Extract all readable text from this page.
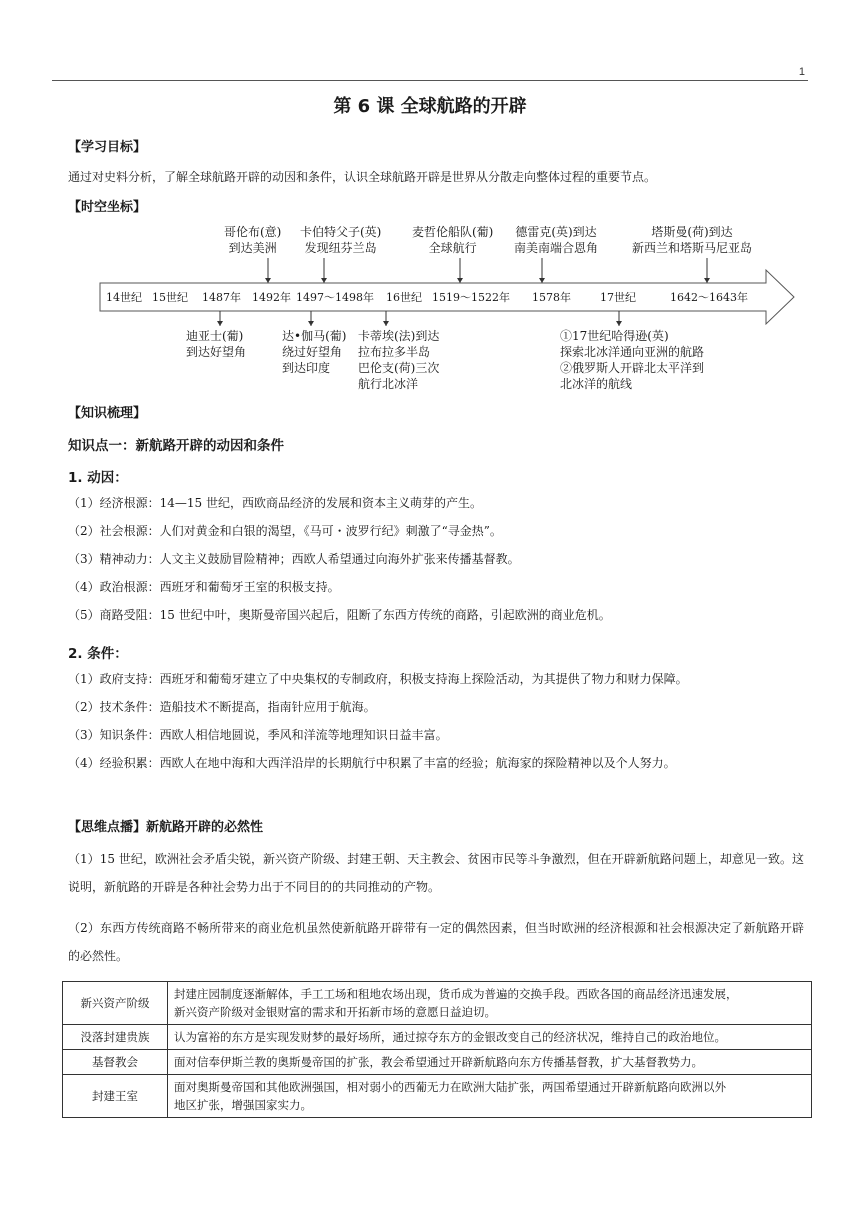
1
第 6 课 全球航路的开辟
【学习目标】
通过对史料分析，了解全球航路开辟的动因和条件，认识全球航路开辟是世界从分散走向整体过程的重要节点。
【时空坐标】
14世纪 15世纪 1487年 1492年 1497～1498年 16世纪 1519～1522年 1578年	17世纪	1642～1643年
哥伦布(意)
到达美洲
卡伯特父子(英)
发现纽芬兰岛
麦哲伦船队(葡)
全球航行
德雷克(英)到达
南美南端合恩角
塔斯曼(荷)到达
新西兰和塔斯马尼亚岛
迪亚士(葡)
到达好望角
达•伽马(葡)
绕过好望角
到达印度
卡蒂埃(法)到达
拉布拉多半岛
巴伦支(荷)三次
航行北冰洋
①17世纪哈得逊(英)
探索北冰洋通向亚洲的航路
②俄罗斯人开辟北太平洋到
北冰洋的航线
【知识梳理】
知识点一：新航路开辟的动因和条件
1. 动因：
（1）经济根源：14—15 世纪，西欧商品经济的发展和资本主义萌芽的产生。
（2）社会根源：人们对黄金和白银的渴望，《马可・波罗行纪》刺激了“寻金热”。
（3）精神动力：人文主义鼓励冒险精神；西欧人希望通过向海外扩张来传播基督教。
（4）政治根源：西班牙和葡萄牙王室的积极支持。
（5）商路受阻：15 世纪中叶，奥斯曼帝国兴起后，阻断了东西方传统的商路，引起欧洲的商业危机。
2. 条件：
（1）政府支持：西班牙和葡萄牙建立了中央集权的专制政府，积极支持海上探险活动，为其提供了物力和财力保障。
（2）技术条件：造船技术不断提高，指南针应用于航海。
（3）知识条件：西欧人相信地圆说，季风和洋流等地理知识日益丰富。
（4）经验积累：西欧人在地中海和大西洋沿岸的长期航行中积累了丰富的经验；航海家的探险精神以及个人努力。
【思维点播】新航路开辟的必然性
（1）15 世纪，欧洲社会矛盾尖锐，新兴资产阶级、封建王朝、天主教会、贫困市民等斗争激烈，但在开辟新航路问题上，却意见一致。这说明，新航路的开辟是各种社会势力出于不同目的的共同推动的产物。
（2）东西方传统商路不畅所带来的商业危机虽然使新航路开辟带有一定的偶然因素，但当时欧洲的经济根源和社会根源决定了新航路开辟的必然性。
新兴资产阶级	封建庄园制度逐渐解体，手工工场和租地农场出现，货币成为普遍的交换手段。西欧各国的商品经济迅速发展，
新兴资产阶级对金银财富的需求和开拓新市场的意愿日益迫切。

没落封建贵族	认为富裕的东方是实现发财梦的最好场所，通过掠夺东方的金银改变自己的经济状况，维持自己的政治地位。

基督教会	面对信奉伊斯兰教的奥斯曼帝国的扩张，教会希望通过开辟新航路向东方传播基督教，扩大基督教势力。

封建王室	面对奥斯曼帝国和其他欧洲强国，相对弱小的西葡无力在欧洲大陆扩张，两国希望通过开辟新航路向欧洲以外
地区扩张，增强国家实力。
